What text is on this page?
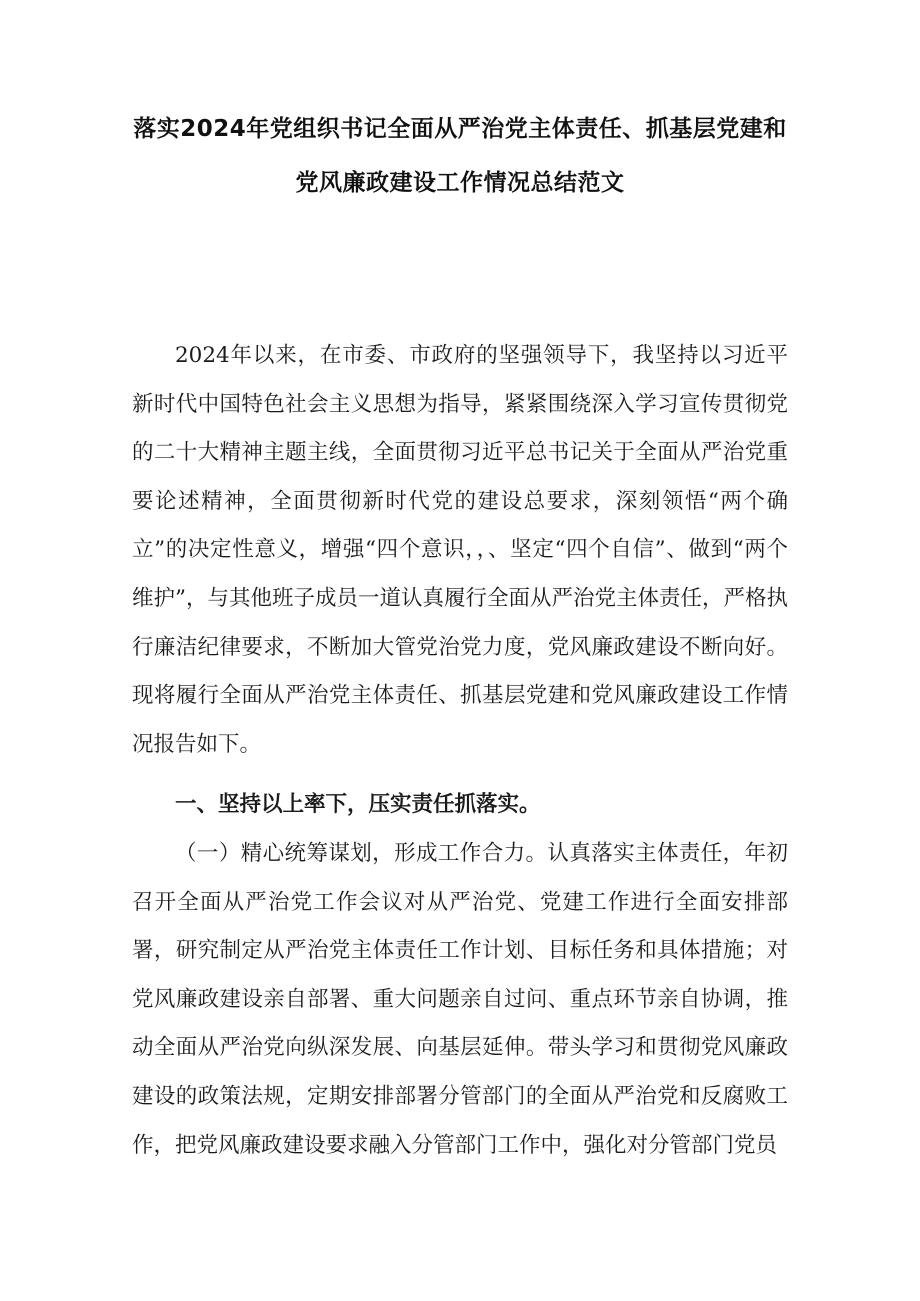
落实2024年党组织书记全面从严治党主体责任、抓基层党建和
党风廉政建设工作情况总结范文

2024年以来，在市委、市政府的坚强领导下，我坚持以习近平新时代中国特色社会主义思想为指导，紧紧围绕深入学习宣传贯彻党的二十大精神主题主线，全面贯彻习近平总书记关于全面从严治党重要论述精神，全面贯彻新时代党的建设总要求，深刻领悟“两个确立”的决定性意义，增强“四个意识，，、坚定“四个自信”、做到“两个维护”，与其他班子成员一道认真履行全面从严治党主体责任，严格执行廉洁纪律要求，不断加大管党治党力度，党风廉政建设不断向好。现将履行全面从严治党主体责任、抓基层党建和党风廉政建设工作情况报告如下。

一、坚持以上率下，压实责任抓落实。

（一）精心统筹谋划，形成工作合力。认真落实主体责任，年初召开全面从严治党工作会议对从严治党、党建工作进行全面安排部署，研究制定从严治党主体责任工作计划、目标任务和具体措施；对党风廉政建设亲自部署、重大问题亲自过问、重点环节亲自协调，推动全面从严治党向纵深发展、向基层延伸。带头学习和贯彻党风廉政建设的政策法规，定期安排部署分管部门的全面从严治党和反腐败工作，把党风廉政建设要求融入分管部门工作中，强化对分管部门党员
